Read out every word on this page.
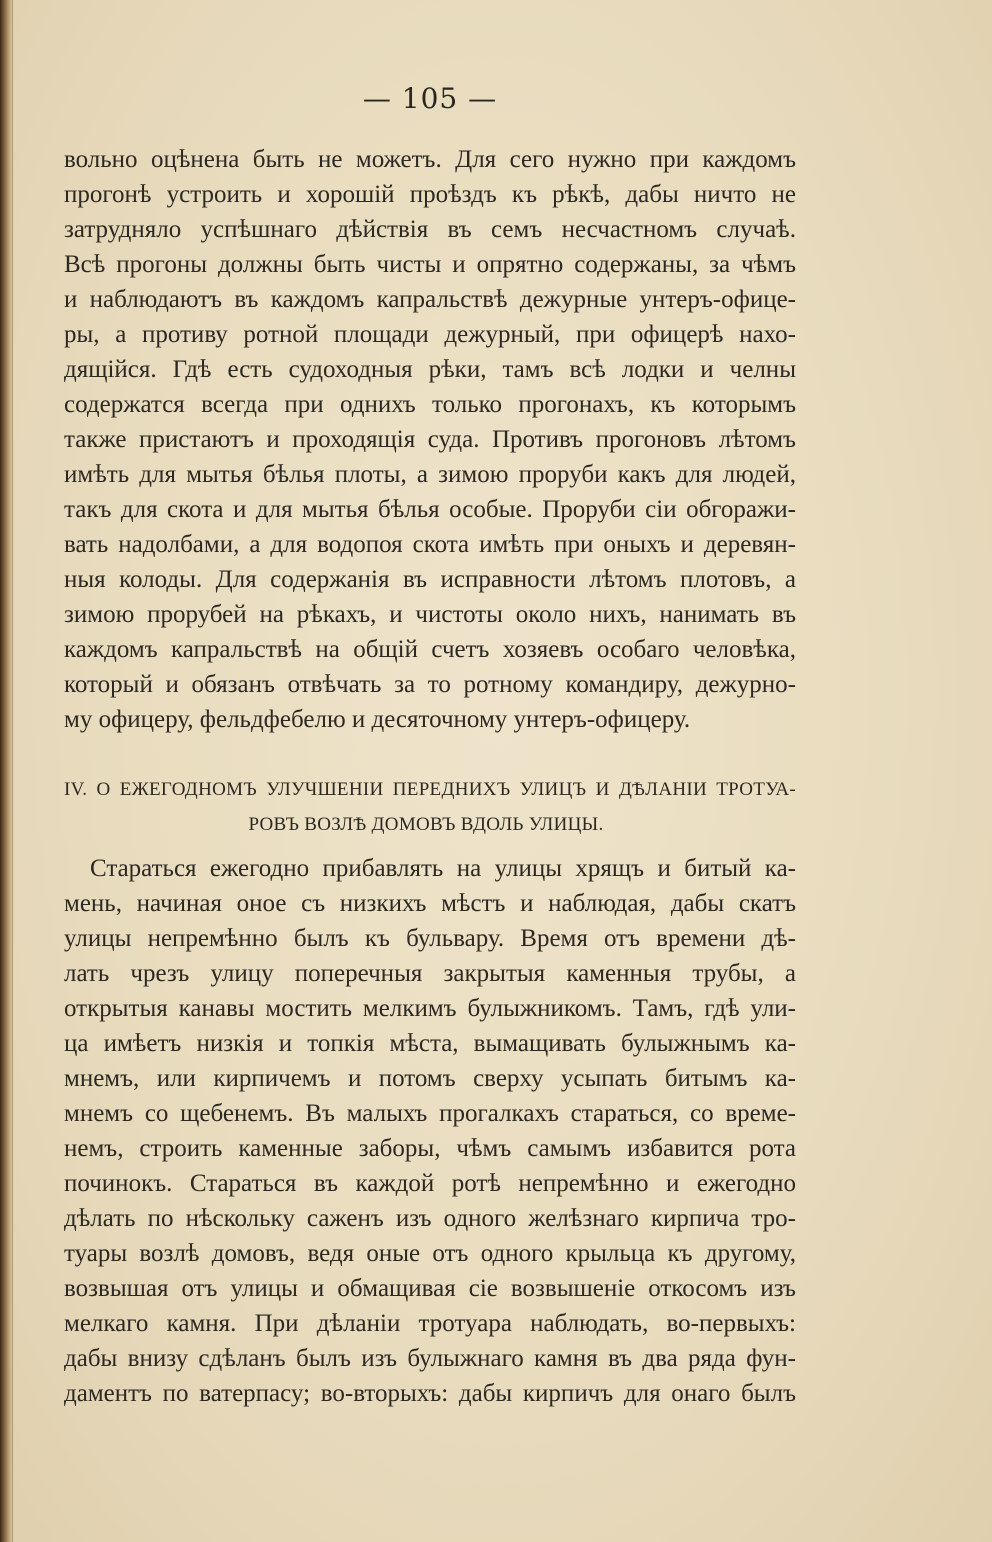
— 105 —
вольно оцѣнена быть не можетъ. Для сего нужно при каждомъ
прогонѣ устроить и хорошій проѣздъ къ рѣкѣ, дабы ничто не
затрудняло успѣшнаго дѣйствія въ семъ несчастномъ случаѣ.
Всѣ прогоны должны быть чисты и опрятно содержаны, за чѣмъ
и наблюдаютъ въ каждомъ капральствѣ дежурные унтеръ-офице-
ры, а противу ротной площади дежурный, при офицерѣ нахо-
дящійся. Гдѣ есть судоходныя рѣки, тамъ всѣ лодки и челны
содержатся всегда при однихъ только прогонахъ, къ которымъ
также пристаютъ и проходящія суда. Противъ прогоновъ лѣтомъ
имѣть для мытья бѣлья плоты, а зимою проруби какъ для людей,
такъ для скота и для мытья бѣлья особые. Проруби сіи обгоражи-
вать надолбами, а для водопоя скота имѣть при оныхъ и деревян-
ныя колоды. Для содержанія въ исправности лѣтомъ плотовъ, а
зимою прорубей на рѣкахъ, и чистоты около нихъ, нанимать въ
каждомъ капральствѣ на общій счетъ хозяевъ особаго человѣка,
который и обязанъ отвѣчать за то ротному командиру, дежурно-
му офицеру, фельдфебелю и десяточному унтеръ-офицеру.
IV. О ЕЖЕГОДНОМЪ УЛУЧШЕНІИ ПЕРЕДНИХЪ УЛИЦЪ И ДѢЛАНІИ ТРОТУА-
РОВЪ ВОЗЛѢ ДОМОВЪ ВДОЛЬ УЛИЦЫ.
Стараться ежегодно прибавлять на улицы хрящъ и битый ка-
мень, начиная оное съ низкихъ мѣстъ и наблюдая, дабы скатъ
улицы непремѣнно былъ къ бульвару. Время отъ времени дѣ-
лать чрезъ улицу поперечныя закрытыя каменныя трубы, а
открытыя канавы мостить мелкимъ булыжникомъ. Тамъ, гдѣ ули-
ца имѣетъ низкія и топкія мѣста, вымащивать булыжнымъ ка-
мнемъ, или кирпичемъ и потомъ сверху усыпать битымъ ка-
мнемъ со щебенемъ. Въ малыхъ прогалкахъ стараться, со време-
немъ, строить каменные заборы, чѣмъ самымъ избавится рота
починокъ. Стараться въ каждой ротѣ непремѣнно и ежегодно
дѣлать по нѣскольку саженъ изъ одного желѣзнаго кирпича тро-
туары возлѣ домовъ, ведя оные отъ одного крыльца къ другому,
возвышая отъ улицы и обмащивая сіе возвышеніе откосомъ изъ
мелкаго камня. При дѣланіи тротуара наблюдать, во-первыхъ:
дабы внизу сдѣланъ былъ изъ булыжнаго камня въ два ряда фун-
даментъ по ватерпасу; во-вторыхъ: дабы кирпичъ для онаго былъ
